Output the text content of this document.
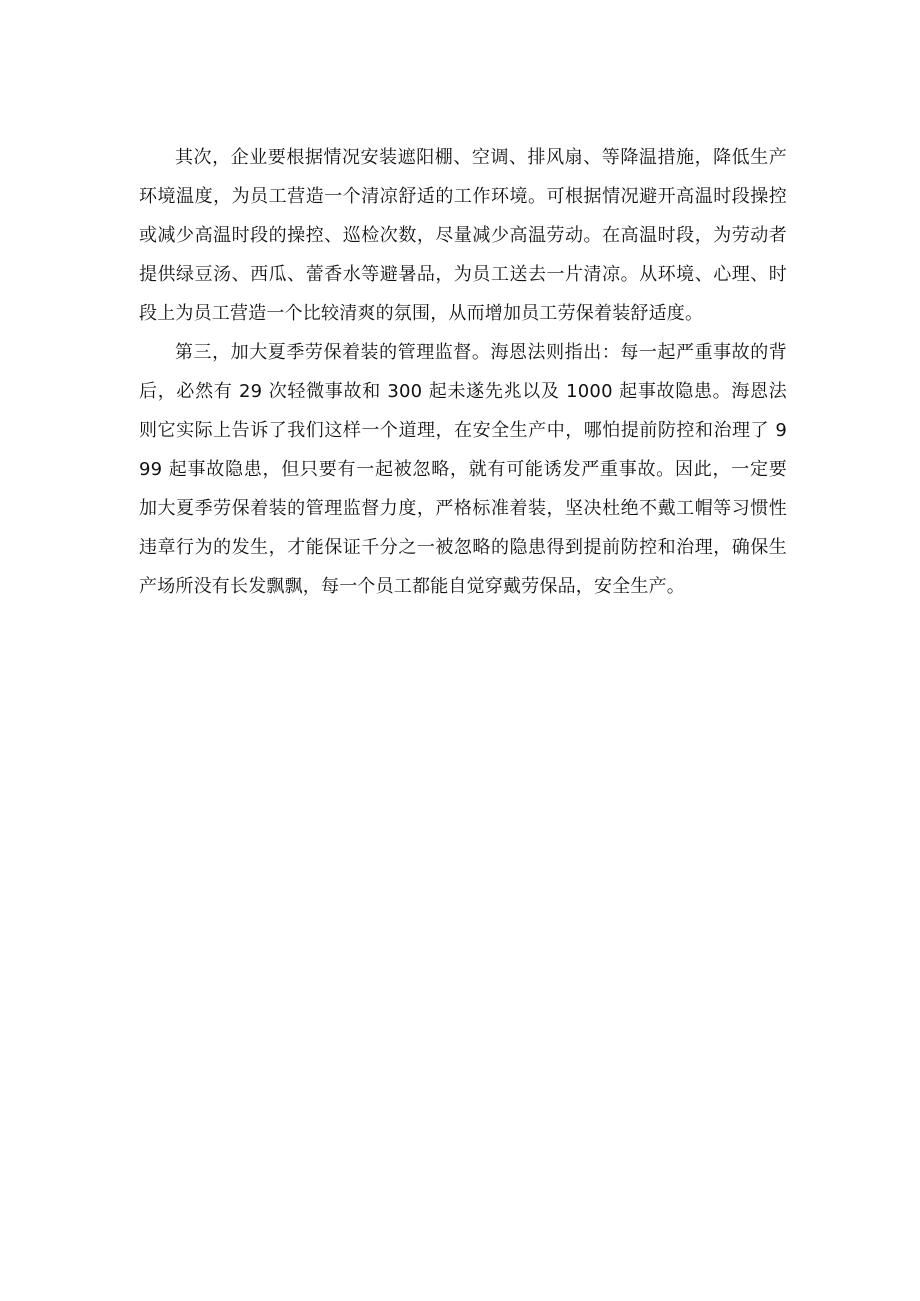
其次，企业要根据情况安装遮阳棚、空调、排风扇、等降温措施，降低生产环境温度，为员工营造一个清凉舒适的工作环境。可根据情况避开高温时段操控或减少高温时段的操控、巡检次数，尽量减少高温劳动。在高温时段，为劳动者提供绿豆汤、西瓜、蕾香水等避暑品，为员工送去一片清凉。从环境、心理、时段上为员工营造一个比较清爽的氛围，从而增加员工劳保着装舒适度。

第三，加大夏季劳保着装的管理监督。海恩法则指出：每一起严重事故的背后，必然有 29 次轻微事故和 300 起未遂先兆以及 1000 起事故隐患。海恩法则它实际上告诉了我们这样一个道理，在安全生产中，哪怕提前防控和治理了 999 起事故隐患，但只要有一起被忽略，就有可能诱发严重事故。因此，一定要加大夏季劳保着装的管理监督力度，严格标准着装，坚决杜绝不戴工帽等习惯性违章行为的发生，才能保证千分之一被忽略的隐患得到提前防控和治理，确保生产场所没有长发飘飘，每一个员工都能自觉穿戴劳保品，安全生产。
